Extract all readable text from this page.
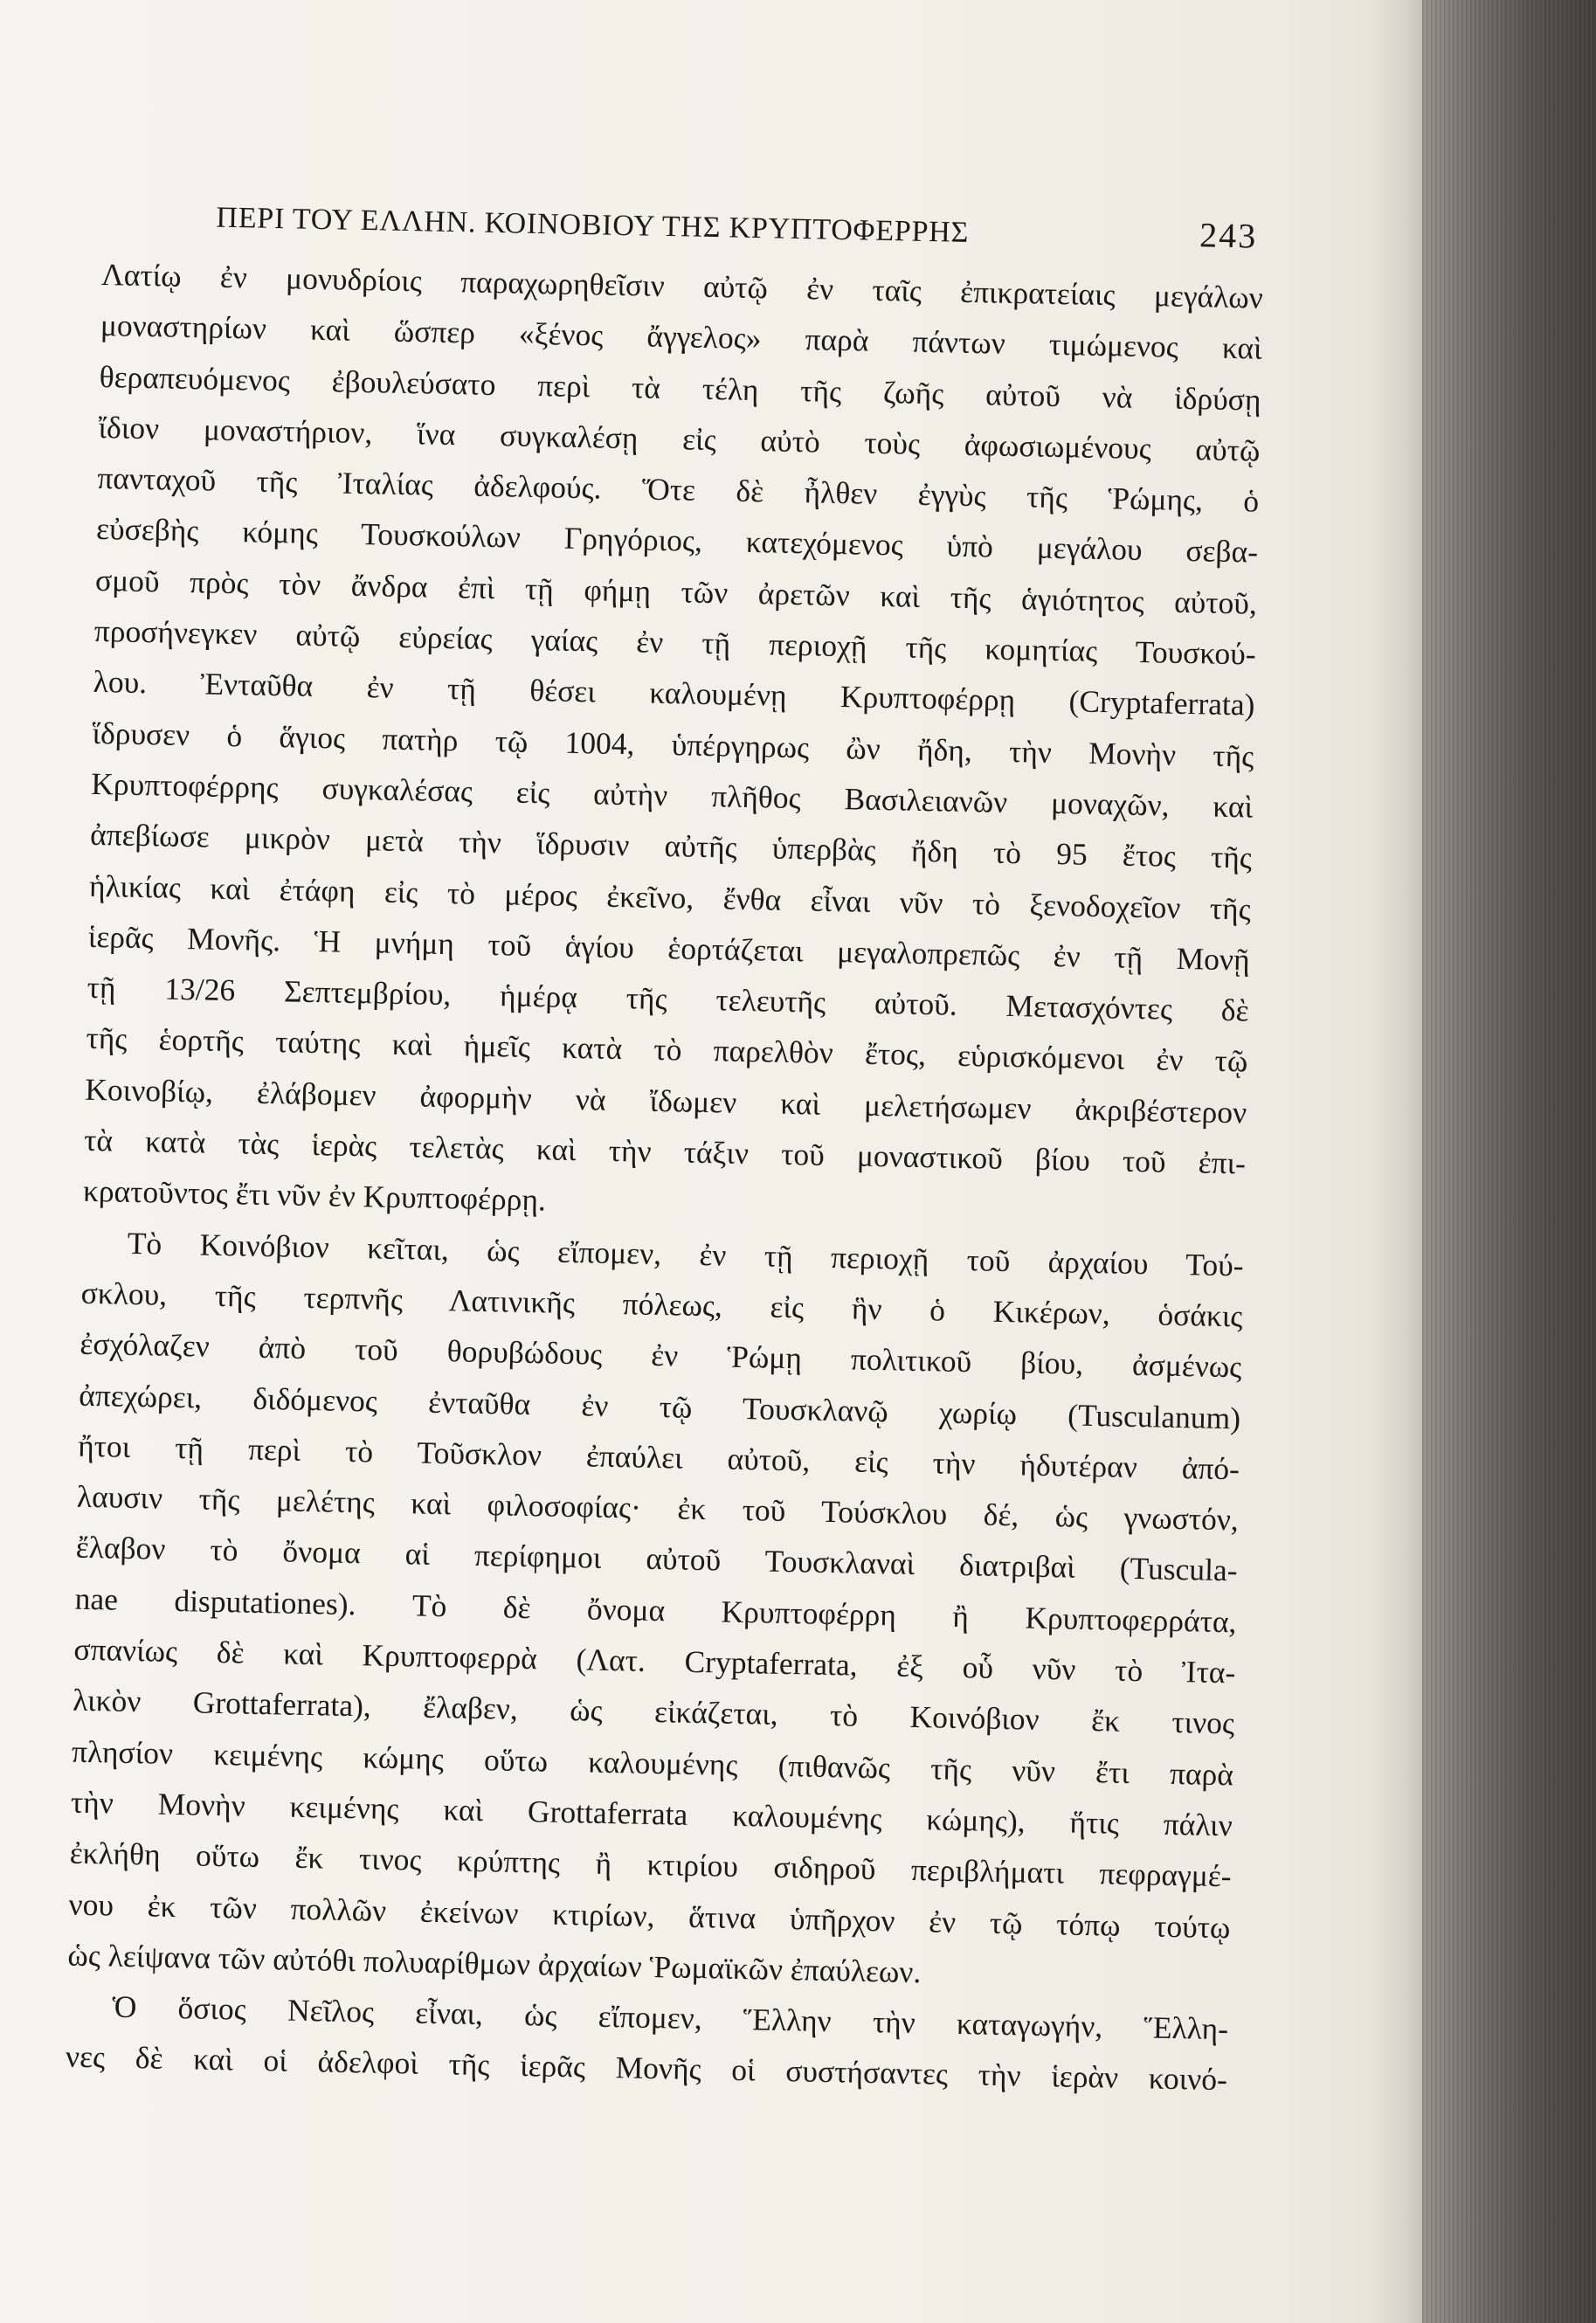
ΠΕΡΙ ΤΟΥ ΕΛΛΗΝ. ΚΟΙΝΟΒΙΟΥ ΤΗΣ ΚΡΥΠΤΟΦΕΡΡΗΣ	243
Λατίῳ ἐν μονυδρίοις παραχωρηθεῖσιν αὐτῷ ἐν ταῖς ἐπικρατείαις μεγάλων
μοναστηρίων καὶ ὥσπερ «ξένος ἄγγελος» παρὰ πάντων τιμώμενος καὶ
θεραπευόμενος ἐβουλεύσατο περὶ τὰ τέλη τῆς ζωῆς αὐτοῦ νὰ ἱδρύσῃ
ἴδιον μοναστήριον, ἵνα συγκαλέσῃ εἰς αὐτὸ τοὺς ἀφωσιωμένους αὐτῷ
πανταχοῦ τῆς Ἰταλίας ἀδελφούς. Ὅτε δὲ ἦλθεν ἐγγὺς τῆς Ῥώμης, ὁ
εὐσεβὴς κόμης Τουσκούλων Γρηγόριος, κατεχόμενος ὑπὸ μεγάλου σεβα-
σμοῦ πρὸς τὸν ἄνδρα ἐπὶ τῇ φήμῃ τῶν ἀρετῶν καὶ τῆς ἁγιότητος αὐτοῦ,
προσήνεγκεν αὐτῷ εὐρείας γαίας ἐν τῇ περιοχῇ τῆς κομητίας Τουσκού-
λου. Ἐνταῦθα ἐν τῇ θέσει καλουμένῃ Κρυπτοφέρρῃ (Cryptaferrata)
ἵδρυσεν ὁ ἅγιος πατὴρ τῷ 1004, ὑπέργηρως ὢν ἤδη, τὴν Μονὴν τῆς
Κρυπτοφέρρης συγκαλέσας εἰς αὐτὴν πλῆθος Βασιλειανῶν μοναχῶν, καὶ
ἀπεβίωσε μικρὸν μετὰ τὴν ἵδρυσιν αὐτῆς ὑπερβὰς ἤδη τὸ 95 ἔτος τῆς
ἡλικίας καὶ ἐτάφη εἰς τὸ μέρος ἐκεῖνο, ἔνθα εἶναι νῦν τὸ ξενοδοχεῖον τῆς
ἱερᾶς Μονῆς. Ἡ μνήμη τοῦ ἁγίου ἑορτάζεται μεγαλοπρεπῶς ἐν τῇ Μονῇ
τῇ 13/26 Σεπτεμβρίου, ἡμέρᾳ τῆς τελευτῆς αὐτοῦ. Μετασχόντες δὲ
τῆς ἑορτῆς ταύτης καὶ ἡμεῖς κατὰ τὸ παρελθὸν ἔτος, εὑρισκόμενοι ἐν τῷ
Κοινοβίῳ, ἐλάβομεν ἀφορμὴν νὰ ἴδωμεν καὶ μελετήσωμεν ἀκριβέστερον
τὰ κατὰ τὰς ἱερὰς τελετὰς καὶ τὴν τάξιν τοῦ μοναστικοῦ βίου τοῦ ἐπι-
κρατοῦντος ἔτι νῦν ἐν Κρυπτοφέρρῃ.
Τὸ Κοινόβιον κεῖται, ὡς εἴπομεν, ἐν τῇ περιοχῇ τοῦ ἀρχαίου Τού-
σκλου, τῆς τερπνῆς Λατινικῆς πόλεως, εἰς ἣν ὁ Κικέρων, ὁσάκις
ἐσχόλαζεν ἀπὸ τοῦ θορυβώδους ἐν Ῥώμῃ πολιτικοῦ βίου, ἀσμένως
ἀπεχώρει, διδόμενος ἐνταῦθα ἐν τῷ Τουσκλανῷ χωρίῳ (Tusculanum)
ἤτοι τῇ περὶ τὸ Τοῦσκλον ἐπαύλει αὐτοῦ, εἰς τὴν ἡδυτέραν ἀπό-
λαυσιν τῆς μελέτης καὶ φιλοσοφίας· ἐκ τοῦ Τούσκλου δέ, ὡς γνωστόν,
ἔλαβον τὸ ὄνομα αἱ περίφημοι αὐτοῦ Τουσκλαναὶ διατριβαὶ (Tuscula-
nae disputationes). Τὸ δὲ ὄνομα Κρυπτοφέρρη ἢ Κρυπτοφερράτα,
σπανίως δὲ καὶ Κρυπτοφερρὰ (Λατ. Cryptaferrata, ἐξ οὗ νῦν τὸ Ἰτα-
λικὸν Grottaferrata), ἔλαβεν, ὡς εἰκάζεται, τὸ Κοινόβιον ἔκ τινος
πλησίον κειμένης κώμης οὕτω καλουμένης (πιθανῶς τῆς νῦν ἔτι παρὰ
τὴν Μονὴν κειμένης καὶ Grottaferrata καλουμένης κώμης), ἥτις πάλιν
ἐκλήθη οὕτω ἔκ τινος κρύπτης ἢ κτιρίου σιδηροῦ περιβλήματι πεφραγμέ-
νου ἐκ τῶν πολλῶν ἐκείνων κτιρίων, ἅτινα ὑπῆρχον ἐν τῷ τόπῳ τούτῳ
ὡς λείψανα τῶν αὐτόθι πολυαρίθμων ἀρχαίων Ῥωμαϊκῶν ἐπαύλεων.
Ὁ ὅσιος Νεῖλος εἶναι, ὡς εἴπομεν, Ἕλλην τὴν καταγωγήν, Ἕλλη-
νες δὲ καὶ οἱ ἀδελφοὶ τῆς ἱερᾶς Μονῆς οἱ συστήσαντες τὴν ἱερὰν κοινό-
